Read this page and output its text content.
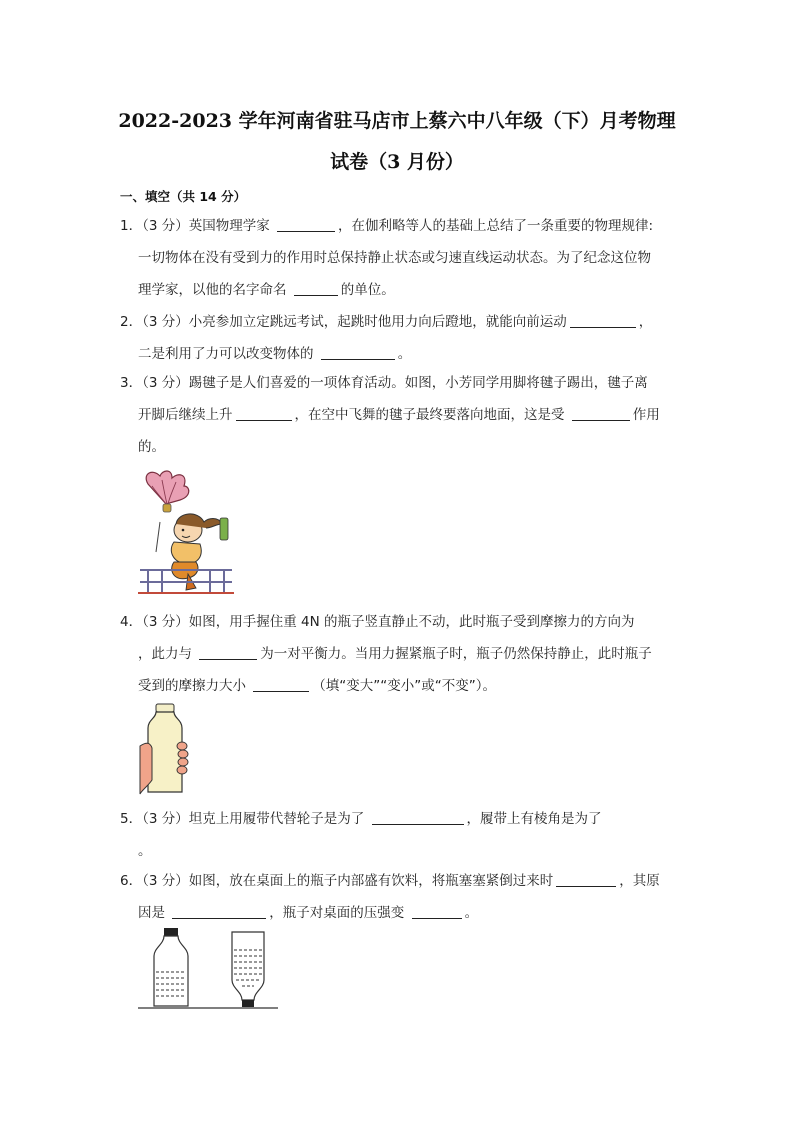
2022-2023 学年河南省驻马店市上蔡六中八年级（下）月考物理
试卷（3 月份）
一、填空（共 14 分）
1．（3 分）英国物理学家	，在伽利略等人的基础上总结了一条重要的物理规律:
一切物体在没有受到力的作用时总保持静止状态或匀速直线运动状态。为了纪念这位物
理学家，以他的名字命名	的单位。
2．（3 分）小亮参加立定跳远考试，起跳时他用力向后蹬地，就能向前运动	，
二是利用了力可以改变物体的	。
3．（3 分）踢毽子是人们喜爱的一项体育活动。如图，小芳同学用脚将毽子踢出，毽子离
开脚后继续上升	，在空中飞舞的毽子最终要落向地面，这是受	作用
的。
4．（3 分）如图，用手握住重 4N 的瓶子竖直静止不动，此时瓶子受到摩擦力的方向为
，此力与	为一对平衡力。当用力握紧瓶子时，瓶子仍然保持静止，此时瓶子
受到的摩擦力大小	（填“变大”“变小”或“不变”）。
5．（3 分）坦克上用履带代替轮子是为了	，履带上有棱角是为了
。
6．（3 分）如图，放在桌面上的瓶子内部盛有饮料，将瓶塞塞紧倒过来时	，其原
因是	，瓶子对桌面的压强变	。
